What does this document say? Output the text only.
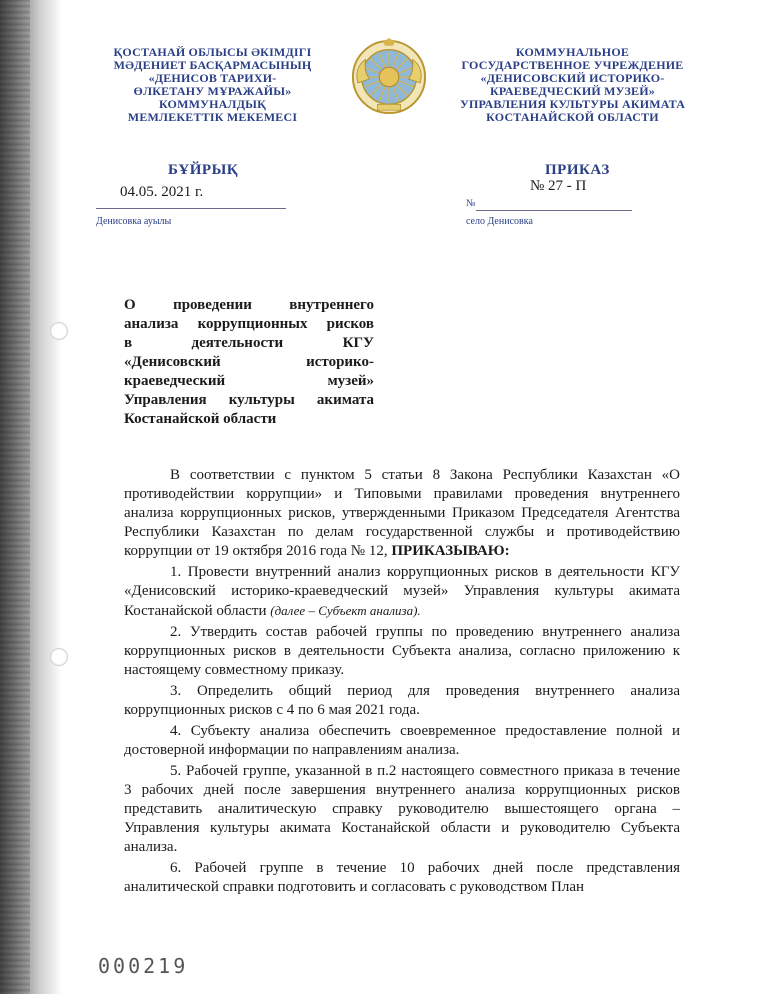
ҚОСТАНАЙ ОБЛЫСЫ ӘКІМДІГІ
МӘДЕНИЕТ БАСҚАРМАСЫНЫҢ
«ДЕНИСОВ ТАРИХИ-
ӨЛКЕТАНУ МҰРАЖАЙЫ»
КОММУНАЛДЫҚ
МЕМЛЕКЕТТІК МЕКЕМЕСІ
КОММУНАЛЬНОЕ
ГОСУДАРСТВЕННОЕ УЧРЕЖДЕНИЕ
«ДЕНИСОВСКИЙ ИСТОРИКО-
КРАЕВЕДЧЕСКИЙ МУЗЕЙ»
УПРАВЛЕНИЯ КУЛЬТУРЫ АКИМАТА
КОСТАНАЙСКОЙ ОБЛАСТИ
БҰЙРЫҚ	ПРИКАЗ
04.05. 2021 г.	№ 27 - П
№
Денисовка ауылы	село Денисовка
О проведении внутреннего
анализа коррупционных рисков
в деятельности КГУ
«Денисовский историко-
краеведческий музей»
Управления культуры акимата
Костанайской области

В соответствии с пунктом 5 статьи 8 Закона Республики Казахстан «О противодействии коррупции» и Типовыми правилами проведения внутреннего анализа коррупционных рисков, утвержденными Приказом Председателя Агентства Республики Казахстан по делам государственной службы и противодействию коррупции от 19 октября 2016 года № 12, ПРИКАЗЫВАЮ:

1. Провести внутренний анализ коррупционных рисков в деятельности КГУ «Денисовский историко-краеведческий музей» Управления культуры акимата Костанайской области (далее – Субъект анализа).

2. Утвердить состав рабочей группы по проведению внутреннего анализа коррупционных рисков в деятельности Субъекта анализа, согласно приложению к настоящему совместному приказу.

3. Определить общий период для проведения внутреннего анализа коррупционных рисков с 4 по 6 мая 2021 года.

4. Субъекту анализа обеспечить своевременное предоставление полной и достоверной информации по направлениям анализа.

5. Рабочей группе, указанной в п.2 настоящего совместного приказа в течение 3 рабочих дней после завершения внутреннего анализа коррупционных рисков представить аналитическую справку руководителю вышестоящего органа – Управления культуры акимата Костанайской области и руководителю Субъекта анализа.

6. Рабочей группе в течение 10 рабочих дней после представления аналитической справки подготовить и согласовать с руководством План

000219
